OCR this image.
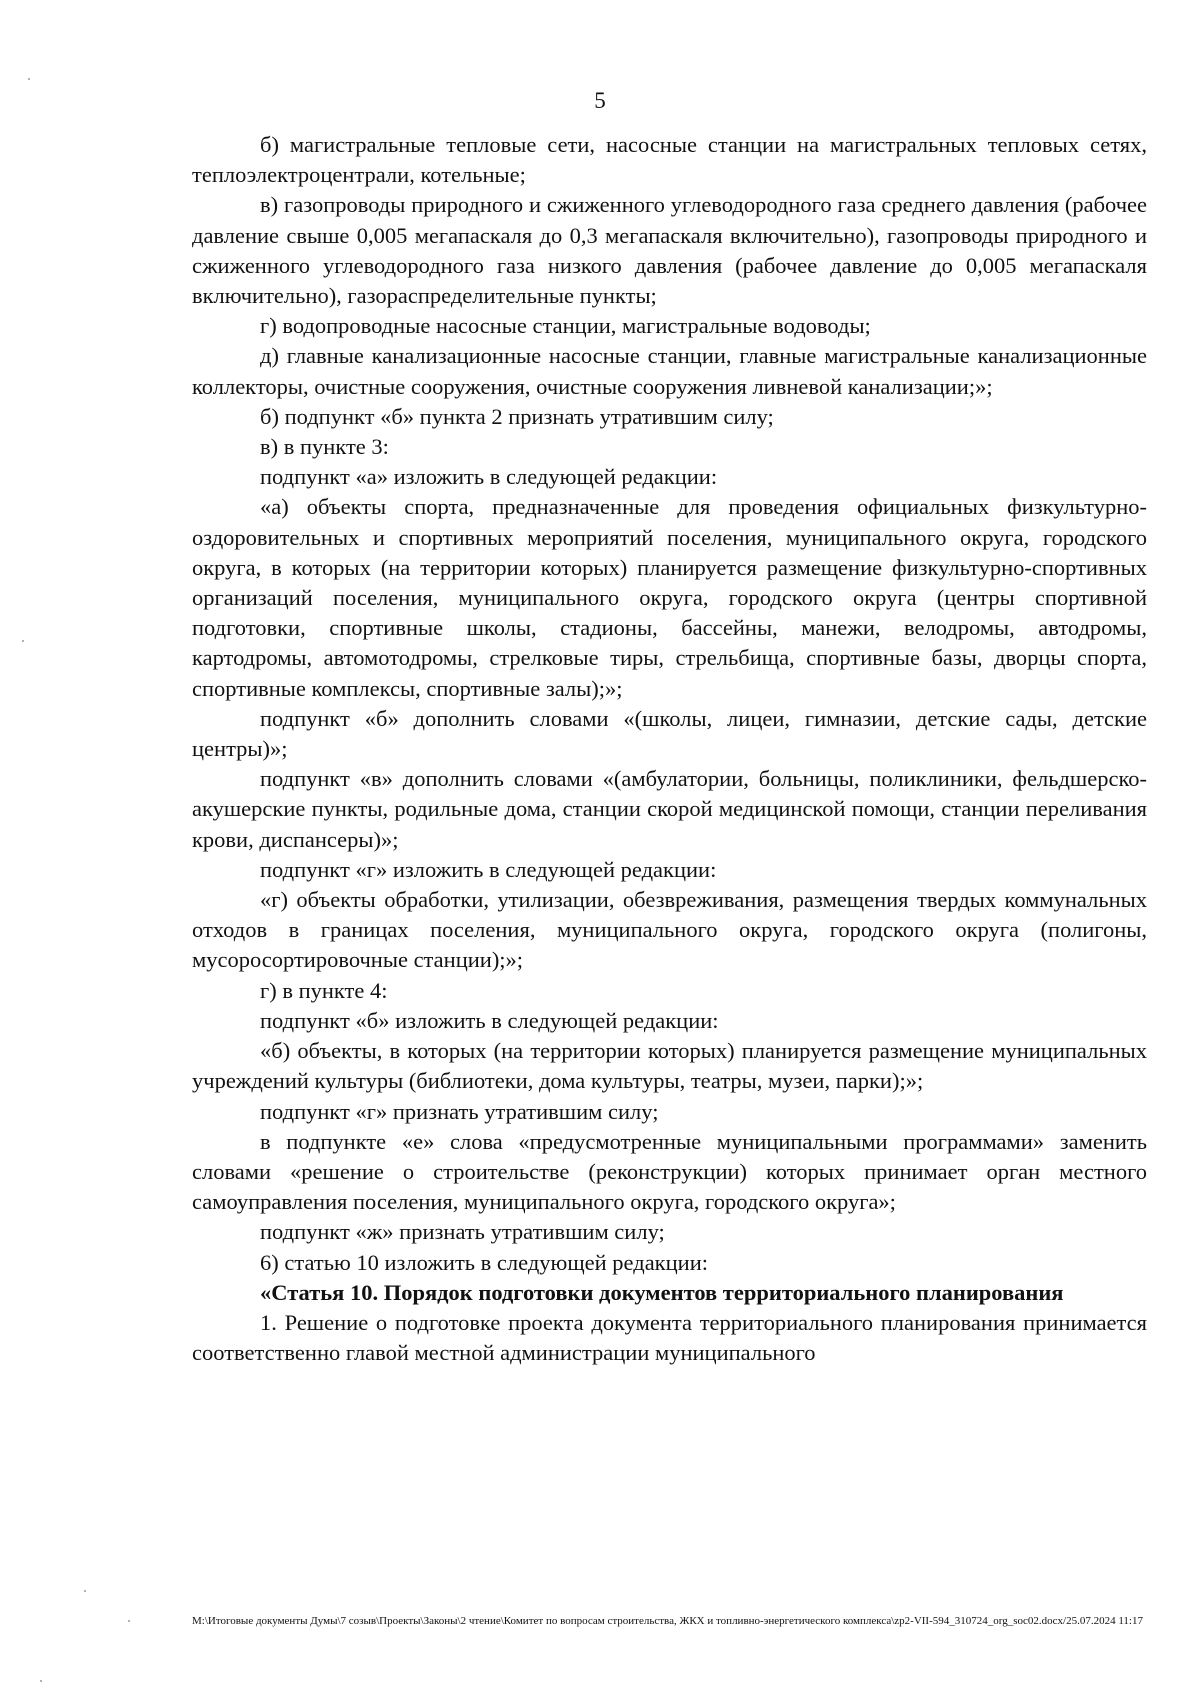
5

б) магистральные тепловые сети, насосные станции на магистральных тепловых сетях, теплоэлектроцентрали, котельные;

в) газопроводы природного и сжиженного углеводородного газа среднего давления (рабочее давление свыше 0,005 мегапаскаля до 0,3 мегапаскаля включительно), газопроводы природного и сжиженного углеводородного газа низкого давления (рабочее давление до 0,005 мегапаскаля включительно), газораспределительные пункты;

г) водопроводные насосные станции, магистральные водоводы;

д) главные канализационные насосные станции, главные магистральные канализационные коллекторы, очистные сооружения, очистные сооружения ливневой канализации;»;

б) подпункт «б» пункта 2 признать утратившим силу;

в) в пункте 3:

подпункт «а» изложить в следующей редакции:

«а) объекты спорта, предназначенные для проведения официальных физкультурно-оздоровительных и спортивных мероприятий поселения, муниципального округа, городского округа, в которых (на территории которых) планируется размещение физкультурно-спортивных организаций поселения, муниципального округа, городского округа (центры спортивной подготовки, спортивные школы, стадионы, бассейны, манежи, велодромы, автодромы, картодромы, автомотодромы, стрелковые тиры, стрельбища, спортивные базы, дворцы спорта, спортивные комплексы, спортивные залы);»;

подпункт «б» дополнить словами «(школы, лицеи, гимназии, детские сады, детские центры)»;

подпункт «в» дополнить словами «(амбулатории, больницы, поликлиники, фельдшерско-акушерские пункты, родильные дома, станции скорой медицинской помощи, станции переливания крови, диспансеры)»;

подпункт «г» изложить в следующей редакции:

«г) объекты обработки, утилизации, обезвреживания, размещения твердых коммунальных отходов в границах поселения, муниципального округа, городского округа (полигоны, мусоросортировочные станции);»;

г) в пункте 4:

подпункт «б» изложить в следующей редакции:

«б) объекты, в которых (на территории которых) планируется размещение муниципальных учреждений культуры (библиотеки, дома культуры, театры, музеи, парки);»;

подпункт «г» признать утратившим силу;

в подпункте «е» слова «предусмотренные муниципальными программами» заменить словами «решение о строительстве (реконструкции) которых принимает орган местного самоуправления поселения, муниципального округа, городского округа»;

подпункт «ж» признать утратившим силу;

6) статью 10 изложить в следующей редакции:

«Статья 10. Порядок подготовки документов территориального планирования

1. Решение о подготовке проекта документа территориального планирования принимается соответственно главой местной администрации муниципального

M:\Итоговые документы Думы\7 созыв\Проекты\Законы\2 чтение\Комитет по вопросам строительства, ЖКХ и топливно-энергетического комплекса\zp2-VII-594_310724_org_soc02.docx/25.07.2024 11:17
